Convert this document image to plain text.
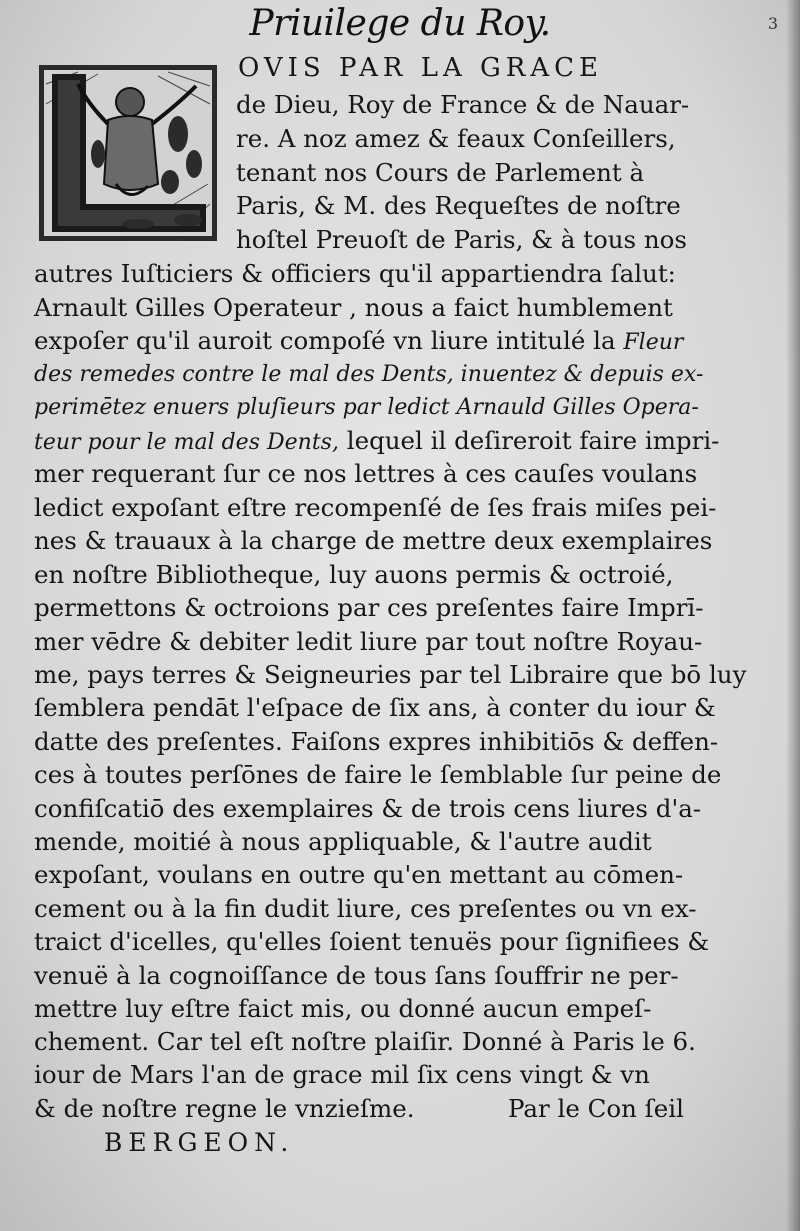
3
Priuilege du Roy.
OVIS PAR LA GRACE
de Dieu, Roy de France & de Nauar-
re. A noz amez & feaux Conſeillers,
tenant nos Cours de Parlement à
Paris, & M. des Requeſtes de noſtre
hoſtel Preuoſt de Paris, & à tous nos
autres Iuſticiers & officiers qu'il appartiendra ſalut:
Arnault Gilles Operateur , nous a faict humblement
expoſer qu'il auroit compoſé vn liure intitulé la Fleur
des remedes contre le mal des Dents, inuentez & depuis ex-
perimētez enuers pluſieurs par ledict Arnauld Gilles Opera-
teur pour le mal des Dents, lequel il deſireroit faire impri-
mer requerant ſur ce nos lettres à ces cauſes voulans
ledict expoſant eſtre recompenſé de ſes frais miſes pei-
nes & trauaux à la charge de mettre deux exemplaires
en noſtre Bibliotheque, luy auons permis & octroié,
permettons & octroions par ces preſentes faire Imprī-
mer vēdre & debiter ledit liure par tout noſtre Royau-
me, pays terres & Seigneuries par tel Libraire que bō luy
ſemblera pendāt l'eſpace de ſix ans, à conter du iour &
datte des preſentes. Faiſons expres inhibitiōs & deffen-
ces à toutes perſōnes de faire le ſemblable ſur peine de
confiſcatiō des exemplaires & de trois cens liures d'a-
mende, moitié à nous appliquable, & l'autre audit
expoſant, voulans en outre qu'en mettant au cōmen-
cement ou à la fin dudit liure, ces preſentes ou vn ex-
traict d'icelles, qu'elles ſoient tenuës pour ſignifiees &
venuë à la cognoiſſance de tous ſans ſouffrir ne per-
mettre luy eſtre faict mis, ou donné aucun empeſ-
chement. Car tel eſt noſtre plaiſir. Donné à Paris le 6.
iour de Mars l'an de grace mil ſix cens vingt & vn
& de noſtre regne le vnzieſme.	Par le Con ſeil
BERGEON.
